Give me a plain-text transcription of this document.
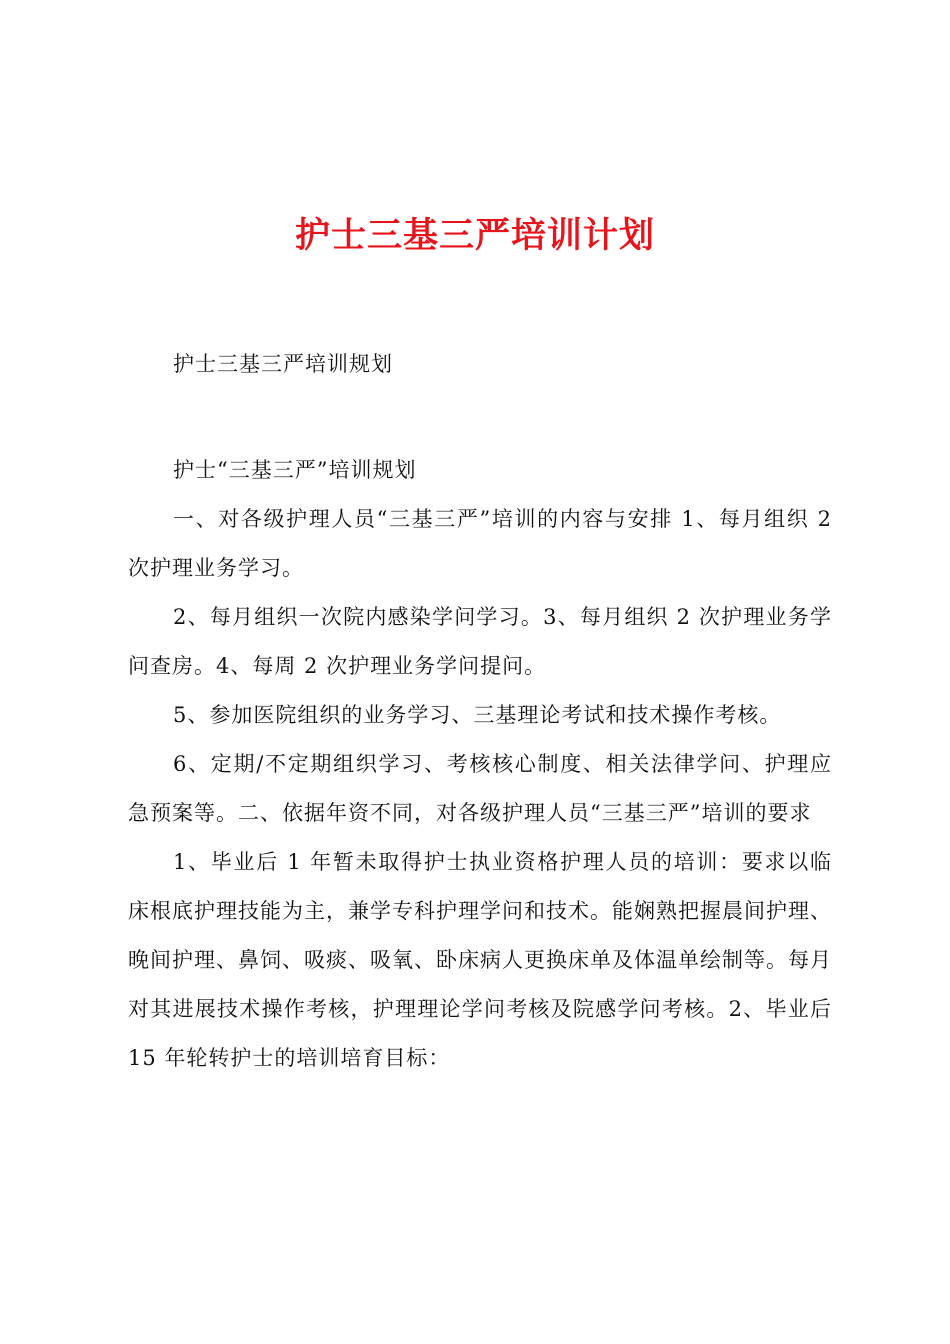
护士三基三严培训计划
护士三基三严培训规划

护士“三基三严”培训规划

一、对各级护理人员“三基三严”培训的内容与安排 1、每月组织 2 次护理业务学习。

2、每月组织一次院内感染学问学习。3、每月组织 2 次护理业务学问查房。4、每周 2 次护理业务学问提问。

5、参加医院组织的业务学习、三基理论考试和技术操作考核。

6、定期/不定期组织学习、考核核心制度、相关法律学问、护理应急预案等。二、依据年资不同，对各级护理人员“三基三严”培训的要求

1、毕业后 1 年暂未取得护士执业资格护理人员的培训：要求以临床根底护理技能为主，兼学专科护理学问和技术。能娴熟把握晨间护理、晚间护理、鼻饲、吸痰、吸氧、卧床病人更换床单及体温单绘制等。每月对其进展技术操作考核，护理理论学问考核及院感学问考核。2、毕业后 15 年轮转护士的培训培育目标：
